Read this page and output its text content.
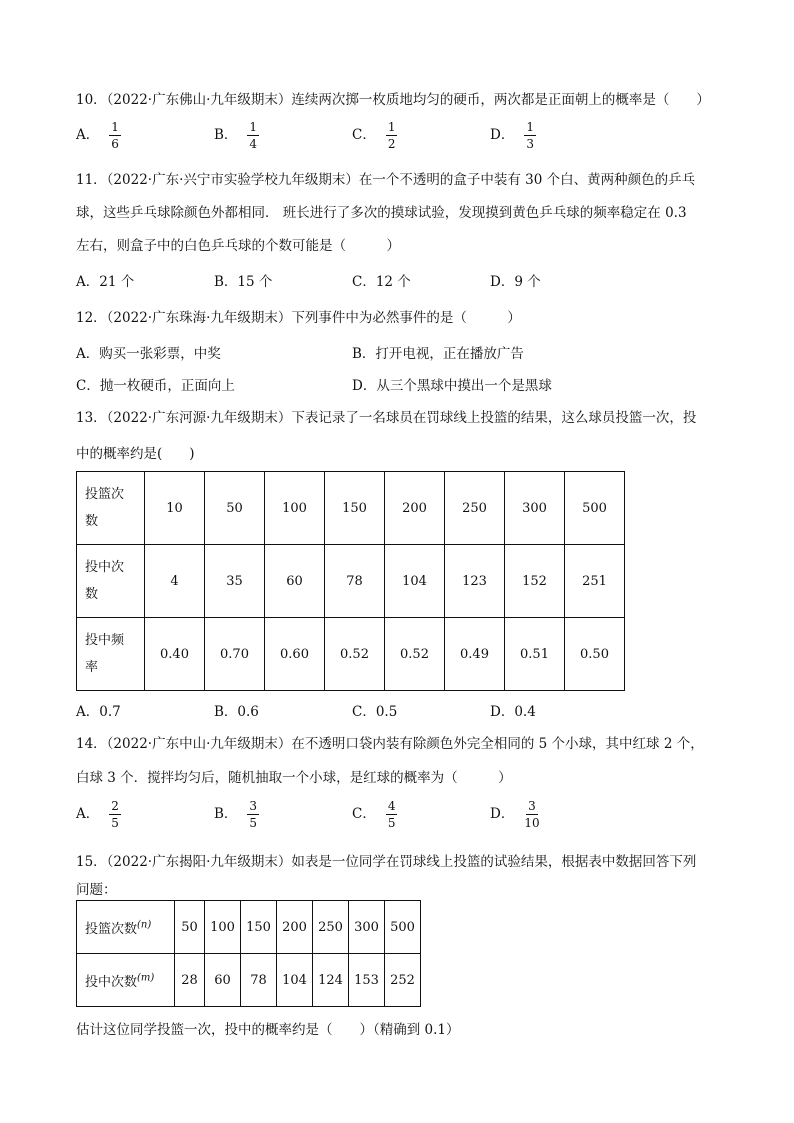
10．（2022·广东佛山·九年级期末）连续两次掷一枚质地均匀的硬币，两次都是正面朝上的概率是（　　）
A． $\frac{1}{6}$	B． $\frac{1}{4}$	C． $\frac{1}{2}$	D． $\frac{1}{3}$
11．（2022·广东·兴宁市实验学校九年级期末）在一个不透明的盒子中装有 30 个白、黄两种颜色的乒乓
球，这些乒乓球除颜色外都相同． 班长进行了多次的摸球试验，发现摸到黄色乒乓球的频率稳定在 0.3
左右，则盒子中的白色乒乓球的个数可能是（　　　）
A．21 个	B．15 个	C．12 个	D．9 个
12．（2022·广东珠海·九年级期末）下列事件中为必然事件的是（　　　）
A．购买一张彩票，中奖	B．打开电视，正在播放广告
C．抛一枚硬币，正面向上	D．从三个黑球中摸出一个是黑球
13．（2022·广东河源·九年级期末）下表记录了一名球员在罚球线上投篮的结果，这么球员投篮一次，投
中的概率约是(　　)
投篮次
数	10	50	100	150	200	250	300	500
投中次
数	4	35	60	78	104	123	152	251
投中频
率	0.40	0.70	0.60	0.52	0.52	0.49	0.51	0.50
A．0.7	B．0.6	C．0.5	D．0.4
14．（2022·广东中山·九年级期末）在不透明口袋内装有除颜色外完全相同的 5 个小球，其中红球 2 个，
白球 3 个．搅拌均匀后，随机抽取一个小球，是红球的概率为（　　　）
A． $\frac{2}{5}$	B． $\frac{3}{5}$	C． $\frac{4}{5}$	D． $\frac{3}{10}$
15．（2022·广东揭阳·九年级期末）如表是一位同学在罚球线上投篮的试验结果，根据表中数据回答下列
问题：
投篮次数$^{(n)}$	50	100	150	200	250	300	500
投中次数$^{(m)}$	28	60	78	104	124	153	252
估计这位同学投篮一次，投中的概率约是（　　）（精确到 0.1）
